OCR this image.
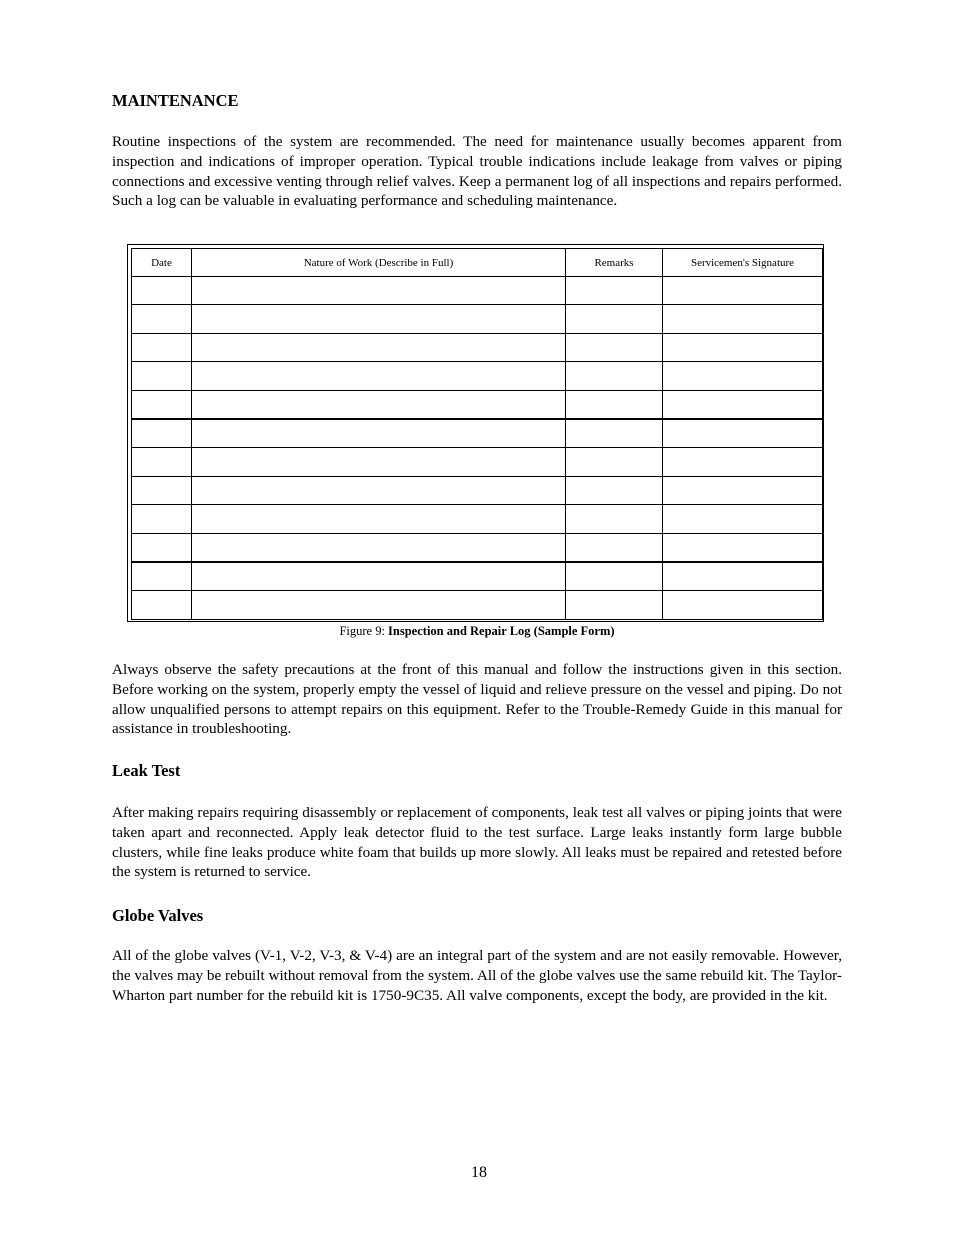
MAINTENANCE

Routine inspections of the system are recommended. The need for maintenance usually becomes apparent from inspection and indications of improper operation. Typical trouble indications include leakage from valves or piping connections and excessive venting through relief valves. Keep a permanent log of all inspections and repairs performed. Such a log can be valuable in evaluating performance and scheduling maintenance.

Date	Nature of Work (Describe in Full)	Remarks	Servicemen's Signature

Figure 9: Inspection and Repair Log (Sample Form)

Always observe the safety precautions at the front of this manual and follow the instructions given in this section. Before working on the system, properly empty the vessel of liquid and relieve pressure on the vessel and piping. Do not allow unqualified persons to attempt repairs on this equipment. Refer to the Trouble-Remedy Guide in this manual for assistance in troubleshooting.

Leak Test

After making repairs requiring disassembly or replacement of components, leak test all valves or piping joints that were taken apart and reconnected. Apply leak detector fluid to the test surface. Large leaks instantly form large bubble clusters, while fine leaks produce white foam that builds up more slowly. All leaks must be repaired and retested before the system is returned to service.

Globe Valves

All of the globe valves (V-1, V-2, V-3, & V-4) are an integral part of the system and are not easily removable. However, the valves may be rebuilt without removal from the system. All of the globe valves use the same rebuild kit. The Taylor-Wharton part number for the rebuild kit is 1750-9C35. All valve components, except the body, are provided in the kit.

18
